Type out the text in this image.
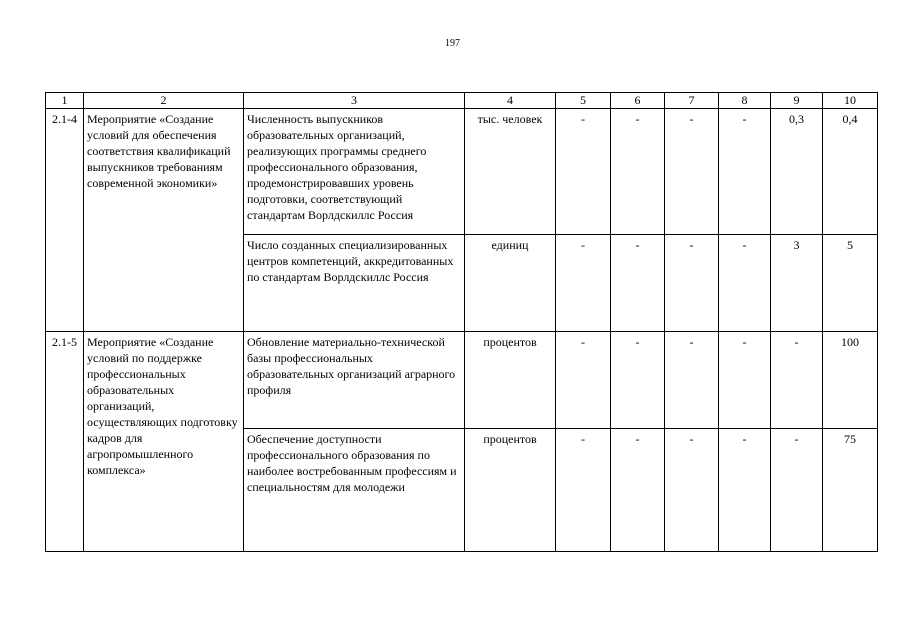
197
1	2	3	4	5	6	7	8	9	10
2.1-4	Мероприятие «Создание условий для обеспечения соответствия квалификаций выпускников требованиям современной экономики»	Численность выпускников образовательных организаций, реализующих программы среднего профессионального образования, продемонстрировавших уровень подготовки, соответствующий стандартам Ворлдскиллс Россия	тыс. человек	-	-	-	-	0,3	0,4
		Число созданных специализированных центров компетенций, аккредитованных по стандартам Ворлдскиллс Россия	единиц	-	-	-	-	3	5
2.1-5	Мероприятие «Создание условий по поддержке профессиональных образовательных организаций, осуществляющих подготовку кадров для агропромышленного комплекса»	Обновление материально-технической базы профессиональных образовательных организаций аграрного профиля	процентов	-	-	-	-	-	100
		Обеспечение доступности профессионального образования по наиболее востребованным профессиям и специальностям для молодежи	процентов	-	-	-	-	-	75
